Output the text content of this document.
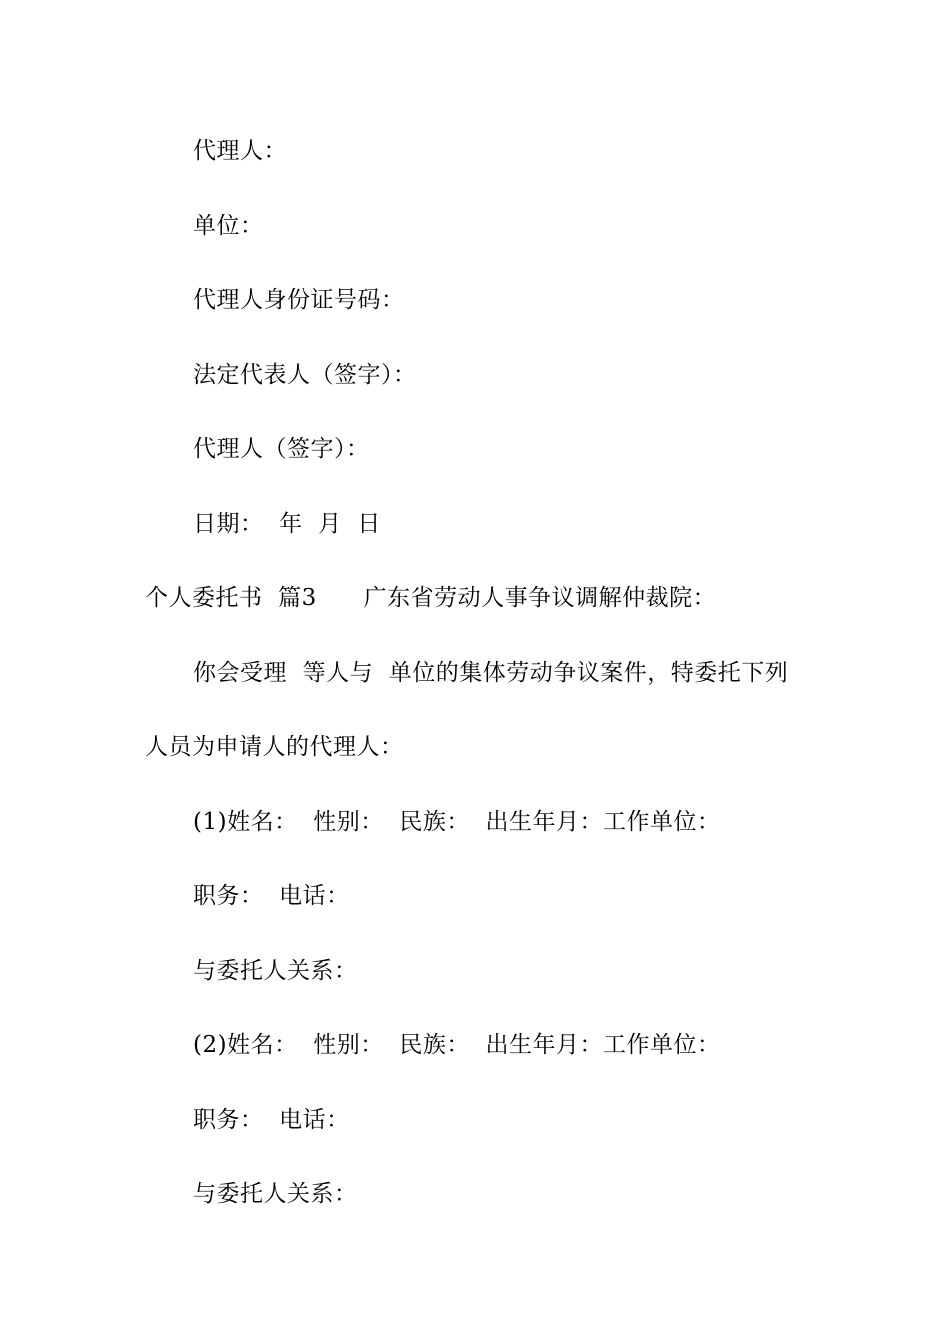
代理人：
单位：
代理人身份证号码：
法定代表人（签字）：
代理人（签字）：
日期：  年  月  日
个人委托书  篇3      广东省劳动人事争议调解仲裁院：
你会受理  等人与  单位的集体劳动争议案件，特委托下列
人员为申请人的代理人：
(1)姓名：  性别：  民族：  出生年月：工作单位：
职务：  电话：
与委托人关系：
(2)姓名：  性别：  民族：  出生年月：工作单位：
职务：  电话：
与委托人关系：
